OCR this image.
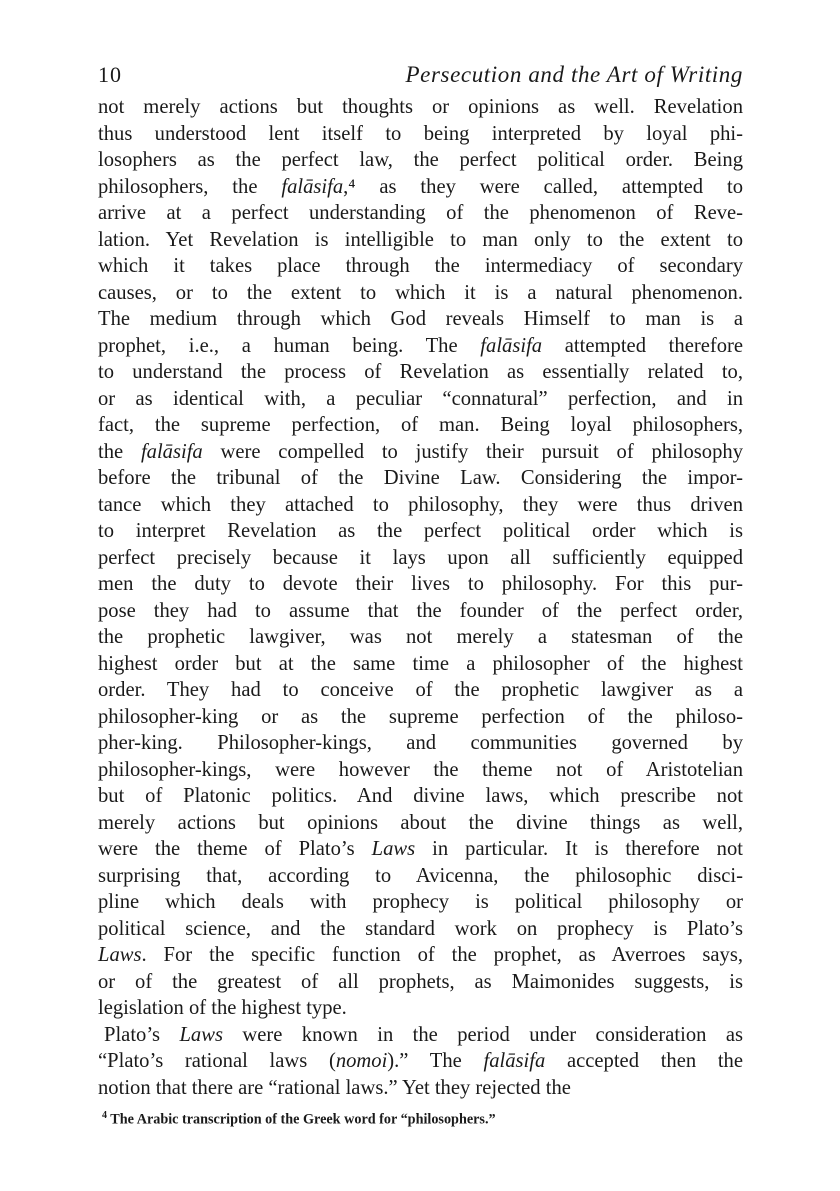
10	Persecution and the Art of Writing
not merely actions but thoughts or opinions as well. Revelation
thus understood lent itself to being interpreted by loyal phi-
losophers as the perfect law, the perfect political order. Being
philosophers, the falāsifa,⁴ as they were called, attempted to
arrive at a perfect understanding of the phenomenon of Reve-
lation. Yet Revelation is intelligible to man only to the extent to
which it takes place through the intermediacy of secondary
causes, or to the extent to which it is a natural phenomenon.
The medium through which God reveals Himself to man is a
prophet, i.e., a human being. The falāsifa attempted therefore
to understand the process of Revelation as essentially related to,
or as identical with, a peculiar “connatural” perfection, and in
fact, the supreme perfection, of man. Being loyal philosophers,
the falāsifa were compelled to justify their pursuit of philosophy
before the tribunal of the Divine Law. Considering the impor-
tance which they attached to philosophy, they were thus driven
to interpret Revelation as the perfect political order which is
perfect precisely because it lays upon all sufficiently equipped
men the duty to devote their lives to philosophy. For this pur-
pose they had to assume that the founder of the perfect order,
the prophetic lawgiver, was not merely a statesman of the
highest order but at the same time a philosopher of the highest
order. They had to conceive of the prophetic lawgiver as a
philosopher-king or as the supreme perfection of the philoso-
pher-king. Philosopher-kings, and communities governed by
philosopher-kings, were however the theme not of Aristotelian
but of Platonic politics. And divine laws, which prescribe not
merely actions but opinions about the divine things as well,
were the theme of Plato’s Laws in particular. It is therefore not
surprising that, according to Avicenna, the philosophic disci-
pline which deals with prophecy is political philosophy or
political science, and the standard work on prophecy is Plato’s
Laws. For the specific function of the prophet, as Averroes says,
or of the greatest of all prophets, as Maimonides suggests, is
legislation of the highest type.
Plato’s Laws were known in the period under consideration as
“Plato’s rational laws (nomoi).” The falāsifa accepted then the
notion that there are “rational laws.” Yet they rejected the
$^4$ The Arabic transcription of the Greek word for “philosophers.”
